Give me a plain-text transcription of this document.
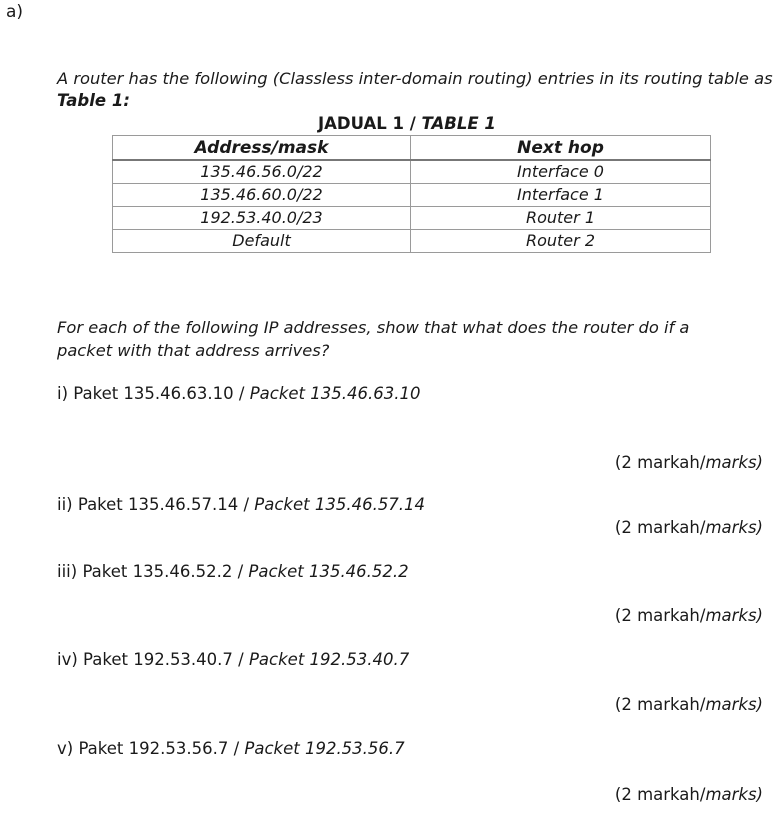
a)
A router has the following (Classless inter-domain routing) entries in its routing table as
Table 1:
JADUAL 1 / TABLE 1
Address/mask	Next hop
135.46.56.0/22	Interface 0
135.46.60.0/22	Interface 1
192.53.40.0/23	Router 1
Default	Router 2
For each of the following IP addresses, show that what does the router do if a
packet with that address arrives?
i) Paket 135.46.63.10 / Packet 135.46.63.10
(2 markah/marks)
ii) Paket 135.46.57.14 / Packet 135.46.57.14
(2 markah/marks)
iii) Paket 135.46.52.2 / Packet 135.46.52.2
(2 markah/marks)
iv) Paket 192.53.40.7 / Packet 192.53.40.7
(2 markah/marks)
v) Paket 192.53.56.7 / Packet 192.53.56.7
(2 markah/marks)
